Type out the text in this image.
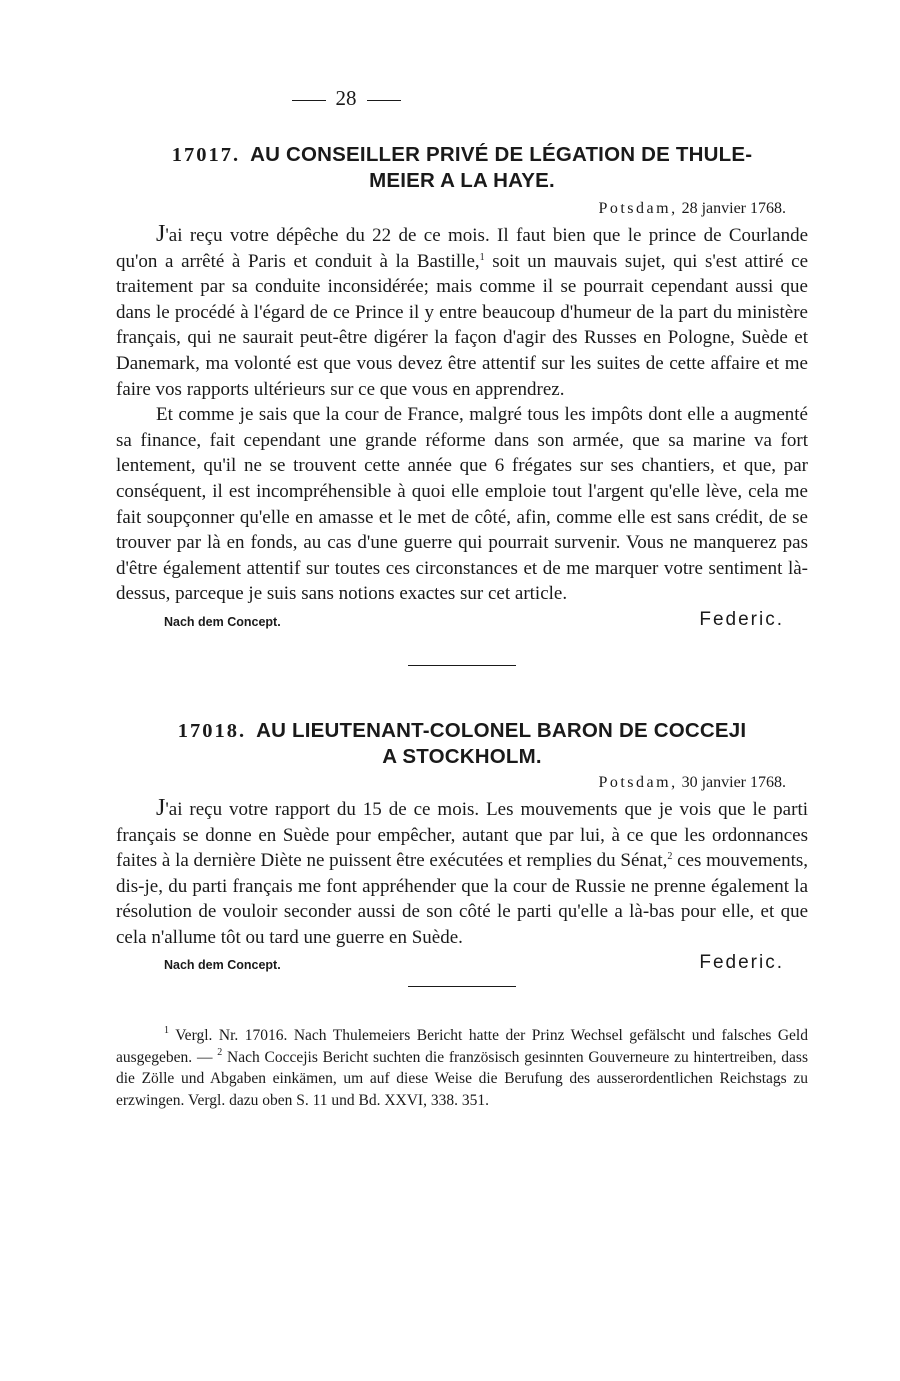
28
17017. AU CONSEILLER PRIVÉ DE LÉGATION DE THULE-
MEIER A LA HAYE.
Potsdam, 28 janvier 1768.

J'ai reçu votre dépêche du 22 de ce mois. Il faut bien que le prince de Courlande qu'on a arrêté à Paris et conduit à la Bastille,$^1$ soit un mauvais sujet, qui s'est attiré ce traitement par sa conduite inconsidérée; mais comme il se pourrait cependant aussi que dans le procédé à l'égard de ce Prince il y entre beaucoup d'humeur de la part du ministère français, qui ne saurait peut-être digérer la façon d'agir des Russes en Pologne, Suède et Danemark, ma volonté est que vous devez être attentif sur les suites de cette affaire et me faire vos rapports ultérieurs sur ce que vous en apprendrez.

Et comme je sais que la cour de France, malgré tous les impôts dont elle a augmenté sa finance, fait cependant une grande réforme dans son armée, que sa marine va fort lentement, qu'il ne se trouvent cette année que 6 frégates sur ses chantiers, et que, par conséquent, il est incompréhensible à quoi elle emploie tout l'argent qu'elle lève, cela me fait soupçonner qu'elle en amasse et le met de côté, afin, comme elle est sans crédit, de se trouver par là en fonds, au cas d'une guerre qui pourrait survenir. Vous ne manquerez pas d'être également attentif sur toutes ces circonstances et de me marquer votre sentiment là-dessus, parceque je suis sans notions exactes sur cet article.

Nach dem Concept.	Federic.
17018. AU LIEUTENANT-COLONEL BARON DE COCCEJI
A STOCKHOLM.
Potsdam, 30 janvier 1768.

J'ai reçu votre rapport du 15 de ce mois. Les mouvements que je vois que le parti français se donne en Suède pour empêcher, autant que par lui, à ce que les ordonnances faites à la dernière Diète ne puissent être exécutées et remplies du Sénat,$^2$ ces mouvements, dis-je, du parti français me font appréhender que la cour de Russie ne prenne également la résolution de vouloir seconder aussi de son côté le parti qu'elle a là-bas pour elle, et que cela n'allume tôt ou tard une guerre en Suède.

Nach dem Concept.	Federic.

$^1$ Vergl. Nr. 17016. Nach Thulemeiers Bericht hatte der Prinz Wechsel gefälscht und falsches Geld ausgegeben. — $^2$ Nach Coccejis Bericht suchten die französisch gesinnten Gouverneure zu hintertreiben, dass die Zölle und Abgaben einkämen, um auf diese Weise die Berufung des ausserordentlichen Reichstags zu erzwingen. Vergl. dazu oben S. 11 und Bd. XXVI, 338. 351.
